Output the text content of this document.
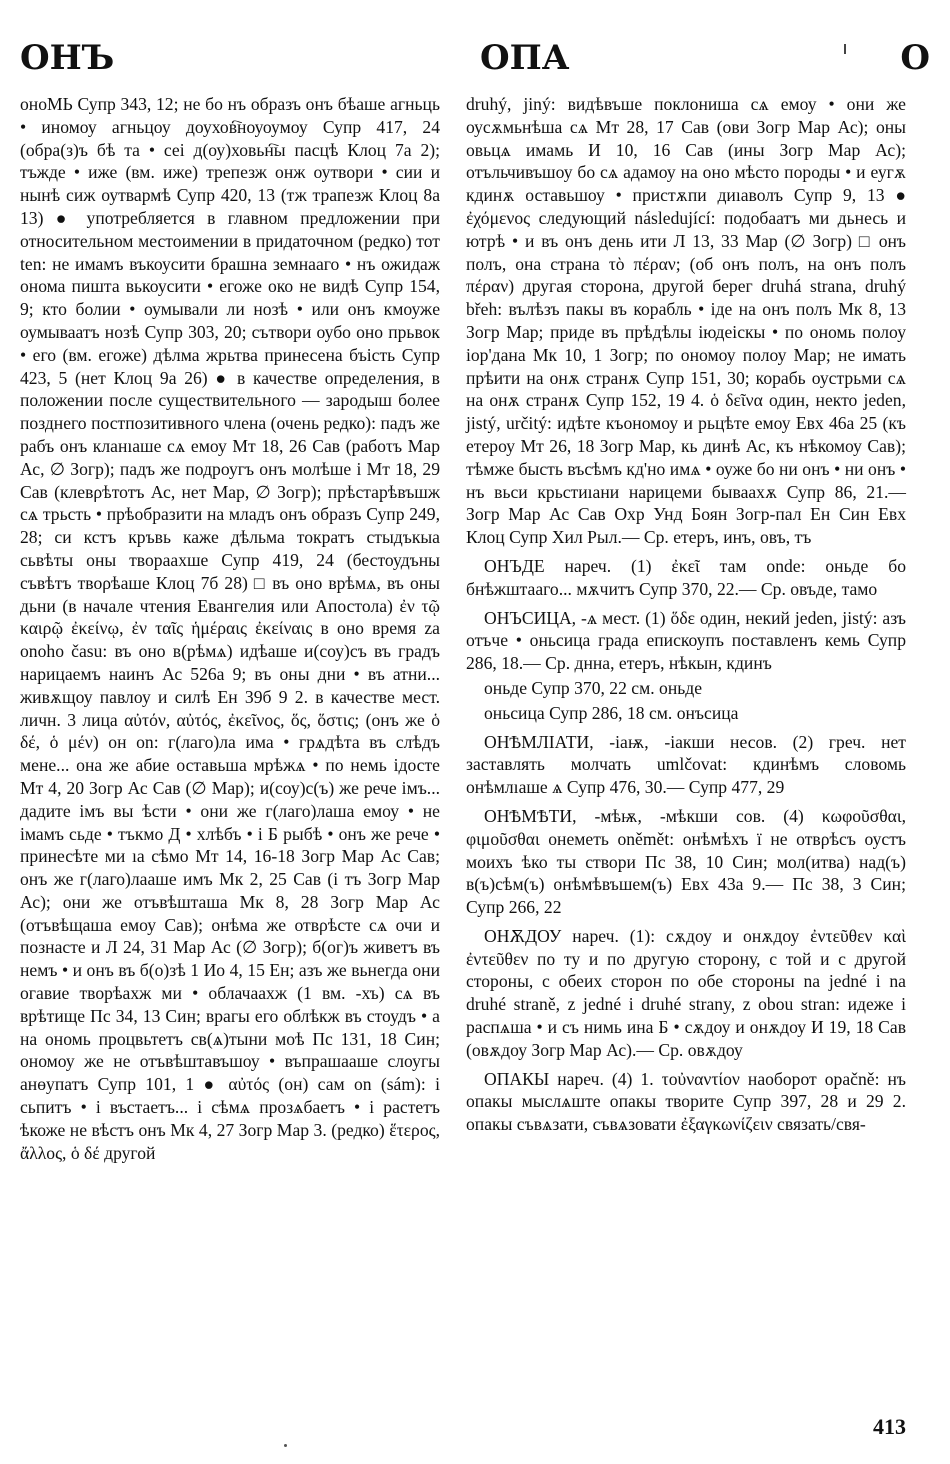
ОНЪ	ОПА	О

оноМЬ Супр 343, 12; не бо нъ образъ онъ бѣаше агньць • иномоу агньцоу доухов҇ноуоумоу Супр 417, 24 (обра(з)ъ бѣ та • сеі д(оу)ховьн҇ы пасцѣ Клоц 7а 2); тъжде • иже (вм. иже) трепезж онж оутвори • сии и нынѣ сиж оутвармѣ Супр 420, 13 (тж трапезж Клоц 8а 13) ● употребляется в главном предложении при относительном местоимении в придаточном (редко) тот ten: не имамъ въкоусити брашна земнааго • нъ ожидаж онома пишта вькоусити • егоже око не видѣ Супр 154, 9; кто болии • оумывали ли нозѣ • или онъ кмоужe оумываатъ нозѣ Супр 303, 20; сътвори оубо оно прьвок • его (вм. егоже) дѣлма жрьтва принесена бъість Супр 423, 5 (нет Клоц 9а 26) ● в качестве определения, в положении после существительного — зародыш более позднего постпозитивного члена (очень редко): падъ же рабъ онъ кланıаше сѧ емоу Мт 18, 26 Сав (рабоτъ Мар Ас, ∅ Зогр); падъ же подроугъ онъ молѣше і Мт 18, 29 Сав (клевρѣтотъ Ас, нет Мар, ∅ Зогр); прѣстарѣвъшж сѧ трьсть • прѣобразити на младъ онъ образъ Супр 249, 28; си кстъ кръвь каже дѣльма тократъ стыдъкыа сьвѣты оны твораахше Супр 419, 24 (бестоудъны съвѣтъ твоρѣаше Клоц 7б 28) □ въ оно врѣмѧ, въ оны дьни (в начале чтения Евангелия или Апостола) ἐν τῷ καιρῷ ἐκείνῳ, ἐν ταῖς ἡμέραις ἐκείναις в оно время za onoho času: въ оно в(рѣмѧ) идѣаше и(соу)съ въ градъ нарицаемъ наинъ Ас 526а 9; въ оны дни • въ атни... живѫщоу павлоу и силѣ Ен 39б 9 2. в качестве мест. личн. 3 лица αὐτόν, αὐτός, ἐκεῖνος, ὅς, ὅστις; (онъ же ὁ δέ, ὁ μέν) он on: г(лаго)ла има • грѧдѣта въ слѣдъ мене... она же абие оставьша мрѣжѧ • по немь ідосте Мт 4, 20 Зогр Ас Сав (∅ Мар); и(соу)с(ъ) же рече імъ... дадите імъ вы ѣсти • они же г(лаго)лаша емоу • не імамъ сьде • тъкмо Д • хлѣбъ • і Б рыбѣ • онъ же рече • принесѣте ми ıа сѣмо Мт 14, 16-18 Зогр Мар Ас Сав; онъ же г(лаго)лааше имъ Мк 2, 25 Сав (і тъ Зогр Мар Ас); они же отъвѣшташа Мк 8, 28 Зогр Мар Ас (отъвѣщаша емоу Сав); онѣма же отвρѣсте сѧ очи и познасте и Л 24, 31 Мар Ас (∅ Зогр); б(ог)ъ живетъ въ немъ • и онъ въ б(о)зѣ 1 Ио 4, 15 Ен; азъ же вьнегда они огавие творѣахж ми • облачаахж (1 вм. -хъ) сѧ въ врѣтище Пс 34, 13 Син; врагы его облѣкж въ стоудъ • а на ономь процвьтетъ св(ѧ)тыни моѣ Пс 131, 18 Син; ономоу же не отъвѣштавъшоу • въпрашааше слоугы анөупатъ Супр 101, 1 ● αὐτός (он) сам on (sám): і сьпитъ • і въстаетъ... і сѣмѧ прозѧбаетъ • і растетъ ѣкоже не вѣстъ онъ Мк 4, 27 Зогр Мар 3. (редко) ἕτερος, ἄλλος, ὁ δέ другой

druhý, jiný: видѣвъше поклониша сѧ емоу • они же оусѫмьнѣша сѧ Мт 28, 17 Сав (ови Зогр Мар Ас); оны овьцѧ имамь И 10, 16 Сав (ины Зогр Мар Ас); отъльчивъшоу бо сѧ адамоу на оно мѣсто породы • и еугѫ кдинѫ оставьшоу • пристѫпи диıаволъ Супр 9, 13 ● ἐχόμενος следующий následující: подобаатъ ми дьнесь и ютрѣ • и въ онъ день ити Л 13, 33 Мар (∅ Зогр) □ онъ полъ, она страна τὸ πέραν; (об онъ полъ, на онъ полъ πέραν) другая сторона, другой берег druhá strana, druhý břeh: вълѣзъ пакы въ корабль • іде на онъ полъ Мк 8, 13 Зогр Мар; приде въ прѣдѣлы іюдеіскы • по ономь полоу іор'дана Мк 10, 1 Зогр; по ономоу полоу Мар; не имать прѣити на онѫ странѫ Супр 151, 30; корабь оустрьми сѧ на онѫ странѫ Супр 152, 19 4. ὁ δεῖνα один, некто jeden, jistý, určitý: идѣте къономоу и рьцѣте емоу Евх 46а 25 (къ етероу Мт 26, 18 Зогр Мар, кь динѣ Ас, къ нѣкомоу Сав); тѣмже бысть въсѣмъ кд'но имѧ • оуже бо ни онъ • ни онъ • нъ вьси крьстиıани нарицеми бываахѫ Супр 86, 21.— Зогр Мар Ас Сав Охр Унд Боян Зогр-пал Ен Син Евх Клоц Супр Хил Рыл.— Ср. етеръ, инъ, овъ, тъ

ОНЪДЕ нареч. (1) ἐκεῖ там onde: оньде бо бнѣжштааго... мѫчитъ Супр 370, 22.— Ср. овъде, тамо

ОНЪСИЦА, -ѧ мест. (1) ὅδε один, некий jeden, jistý: азъ отъче • оньсица града епискоупъ поставленъ кемь Супр 286, 18.— Ср. днна, етеръ, нѣкын, кдинъ

оньде Супр 370, 22 см. оньде

оньсица Супр 286, 18 см. онъсица

ОНѢМЛІАТИ, -іаѭ, -іакши несов. (2) греч. нет заставлять молчать umlčovat: кдинѣмъ словомь онѣмлıаше ѧ Супр 476, 30.— Супр 477, 29

ОНѢМѢТИ, -мѣѭ, -мѣкши сов. (4) κωφοῦσθαι, φιμοῦσθαι онеметь oněmět: онѣмѣхъ ї не отвρѣсъ оустъ моихъ ѣко ты створи Пс 38, 10 Син; мол(итва) над(ъ) в(ъ)сѣм(ъ) онѣмѣвъшем(ъ) Евх 43а 9.— Пс 38, 3 Син; Супр 266, 22

ОНѪДОУ нареч. (1): сѫдоу и онѫдоу ἐντεῦθεν καὶ ἐντεῦθεν по ту и по другую сторону, с той и с другой стороны, с обеих сторон по обе стороны na jedné i na druhé straně, z jedné i druhé strany, z obou stran: идеже і распѧша • и съ нимь ина Б • сѫдоу и онѫдоу И 19, 18 Сав (овѫдоу Зогр Мар Ас).— Ср. овѫдоу

ОПАКЫ нареч. (4) 1. τοὐναντίον наоборот opačně: нъ опакы мыслѧште опакы творите Супр 397, 28 и 29 2. опакы съвѧзати, съвѧзовати ἐξαγκωνίζειν связать/свя-

413
